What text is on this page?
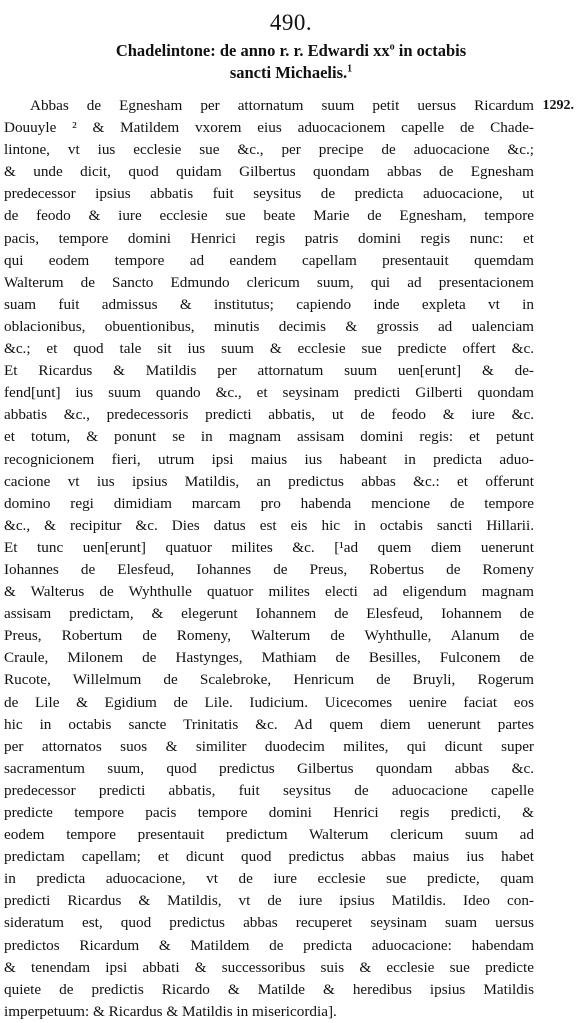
490.
Chadelintone: de anno r. r. Edwardi $xx^o$ in octabis
sancti Michaelis.$^1$
1292.
Abbas de Egnesham per attornatum suum petit uersus Ricardum
Douuyle ² & Matildem vxorem eius aduocacionem capelle de Chade-
lintone, vt ius ecclesie sue &c., per precipe de aduocacione &c.;
& unde dicit, quod quidam Gilbertus quondam abbas de Egnesham
predecessor ipsius abbatis fuit seysitus de predicta aduocacione, ut
de feodo & iure ecclesie sue beate Marie de Egnesham, tempore
pacis, tempore domini Henrici regis patris domini regis nunc: et
qui eodem tempore ad eandem capellam presentauit quemdam
Walterum de Sancto Edmundo clericum suum, qui ad presentacionem
suam fuit admissus & institutus; capiendo inde expleta vt in
oblacionibus, obuentionibus, minutis decimis & grossis ad ualenciam
&c.; et quod tale sit ius suum & ecclesie sue predicte offert &c.
Et Ricardus & Matildis per attornatum suum uen[erunt] & de-
fend[unt] ius suum quando &c., et seysinam predicti Gilberti quondam
abbatis &c., predecessoris predicti abbatis, ut de feodo & iure &c.
et totum, & ponunt se in magnam assisam domini regis: et petunt
recognicionem fieri, utrum ipsi maius ius habeant in predicta aduo-
cacione vt ius ipsius Matildis, an predictus abbas &c.: et offerunt
domino regi dimidiam marcam pro habenda mencione de tempore
&c., & recipitur &c. Dies datus est eis hic in octabis sancti Hillarii.
Et tunc uen[erunt] quatuor milites &c. [¹ad quem diem uenerunt
Iohannes de Elesfeud, Iohannes de Preus, Robertus de Romeny
& Walterus de Wyhthulle quatuor milites electi ad eligendum magnam
assisam predictam, & elegerunt Iohannem de Elesfeud, Iohannem de
Preus, Robertum de Romeny, Walterum de Wyhthulle, Alanum de
Craule, Milonem de Hastynges, Mathiam de Besilles, Fulconem de
Rucote, Willelmum de Scalebroke, Henricum de Bruyli, Rogerum
de Lile & Egidium de Lile. Iudicium. Uicecomes uenire faciat eos
hic in octabis sancte Trinitatis &c. Ad quem diem uenerunt partes
per attornatos suos & similiter duodecim milites, qui dicunt super
sacramentum suum, quod predictus Gilbertus quondam abbas &c.
predecessor predicti abbatis, fuit seysitus de aduocacione capelle
predicte tempore pacis tempore domini Henrici regis predicti, &
eodem tempore presentauit predictum Walterum clericum suum ad
predictam capellam; et dicunt quod predictus abbas maius ius habet
in predicta aduocacione, vt de iure ecclesie sue predicte, quam
predicti Ricardus & Matildis, vt de iure ipsius Matildis. Ideo con-
sideratum est, quod predictus abbas recuperet seysinam suam uersus
predictos Ricardum & Matildem de predicta aduocacione: habendam
& tenendam ipsi abbati & successoribus suis & ecclesie sue predicte
quiete de predictis Ricardo & Matilde & heredibus ipsius Matildis
imperpetuum: & Ricardus & Matildis in misericordia].
